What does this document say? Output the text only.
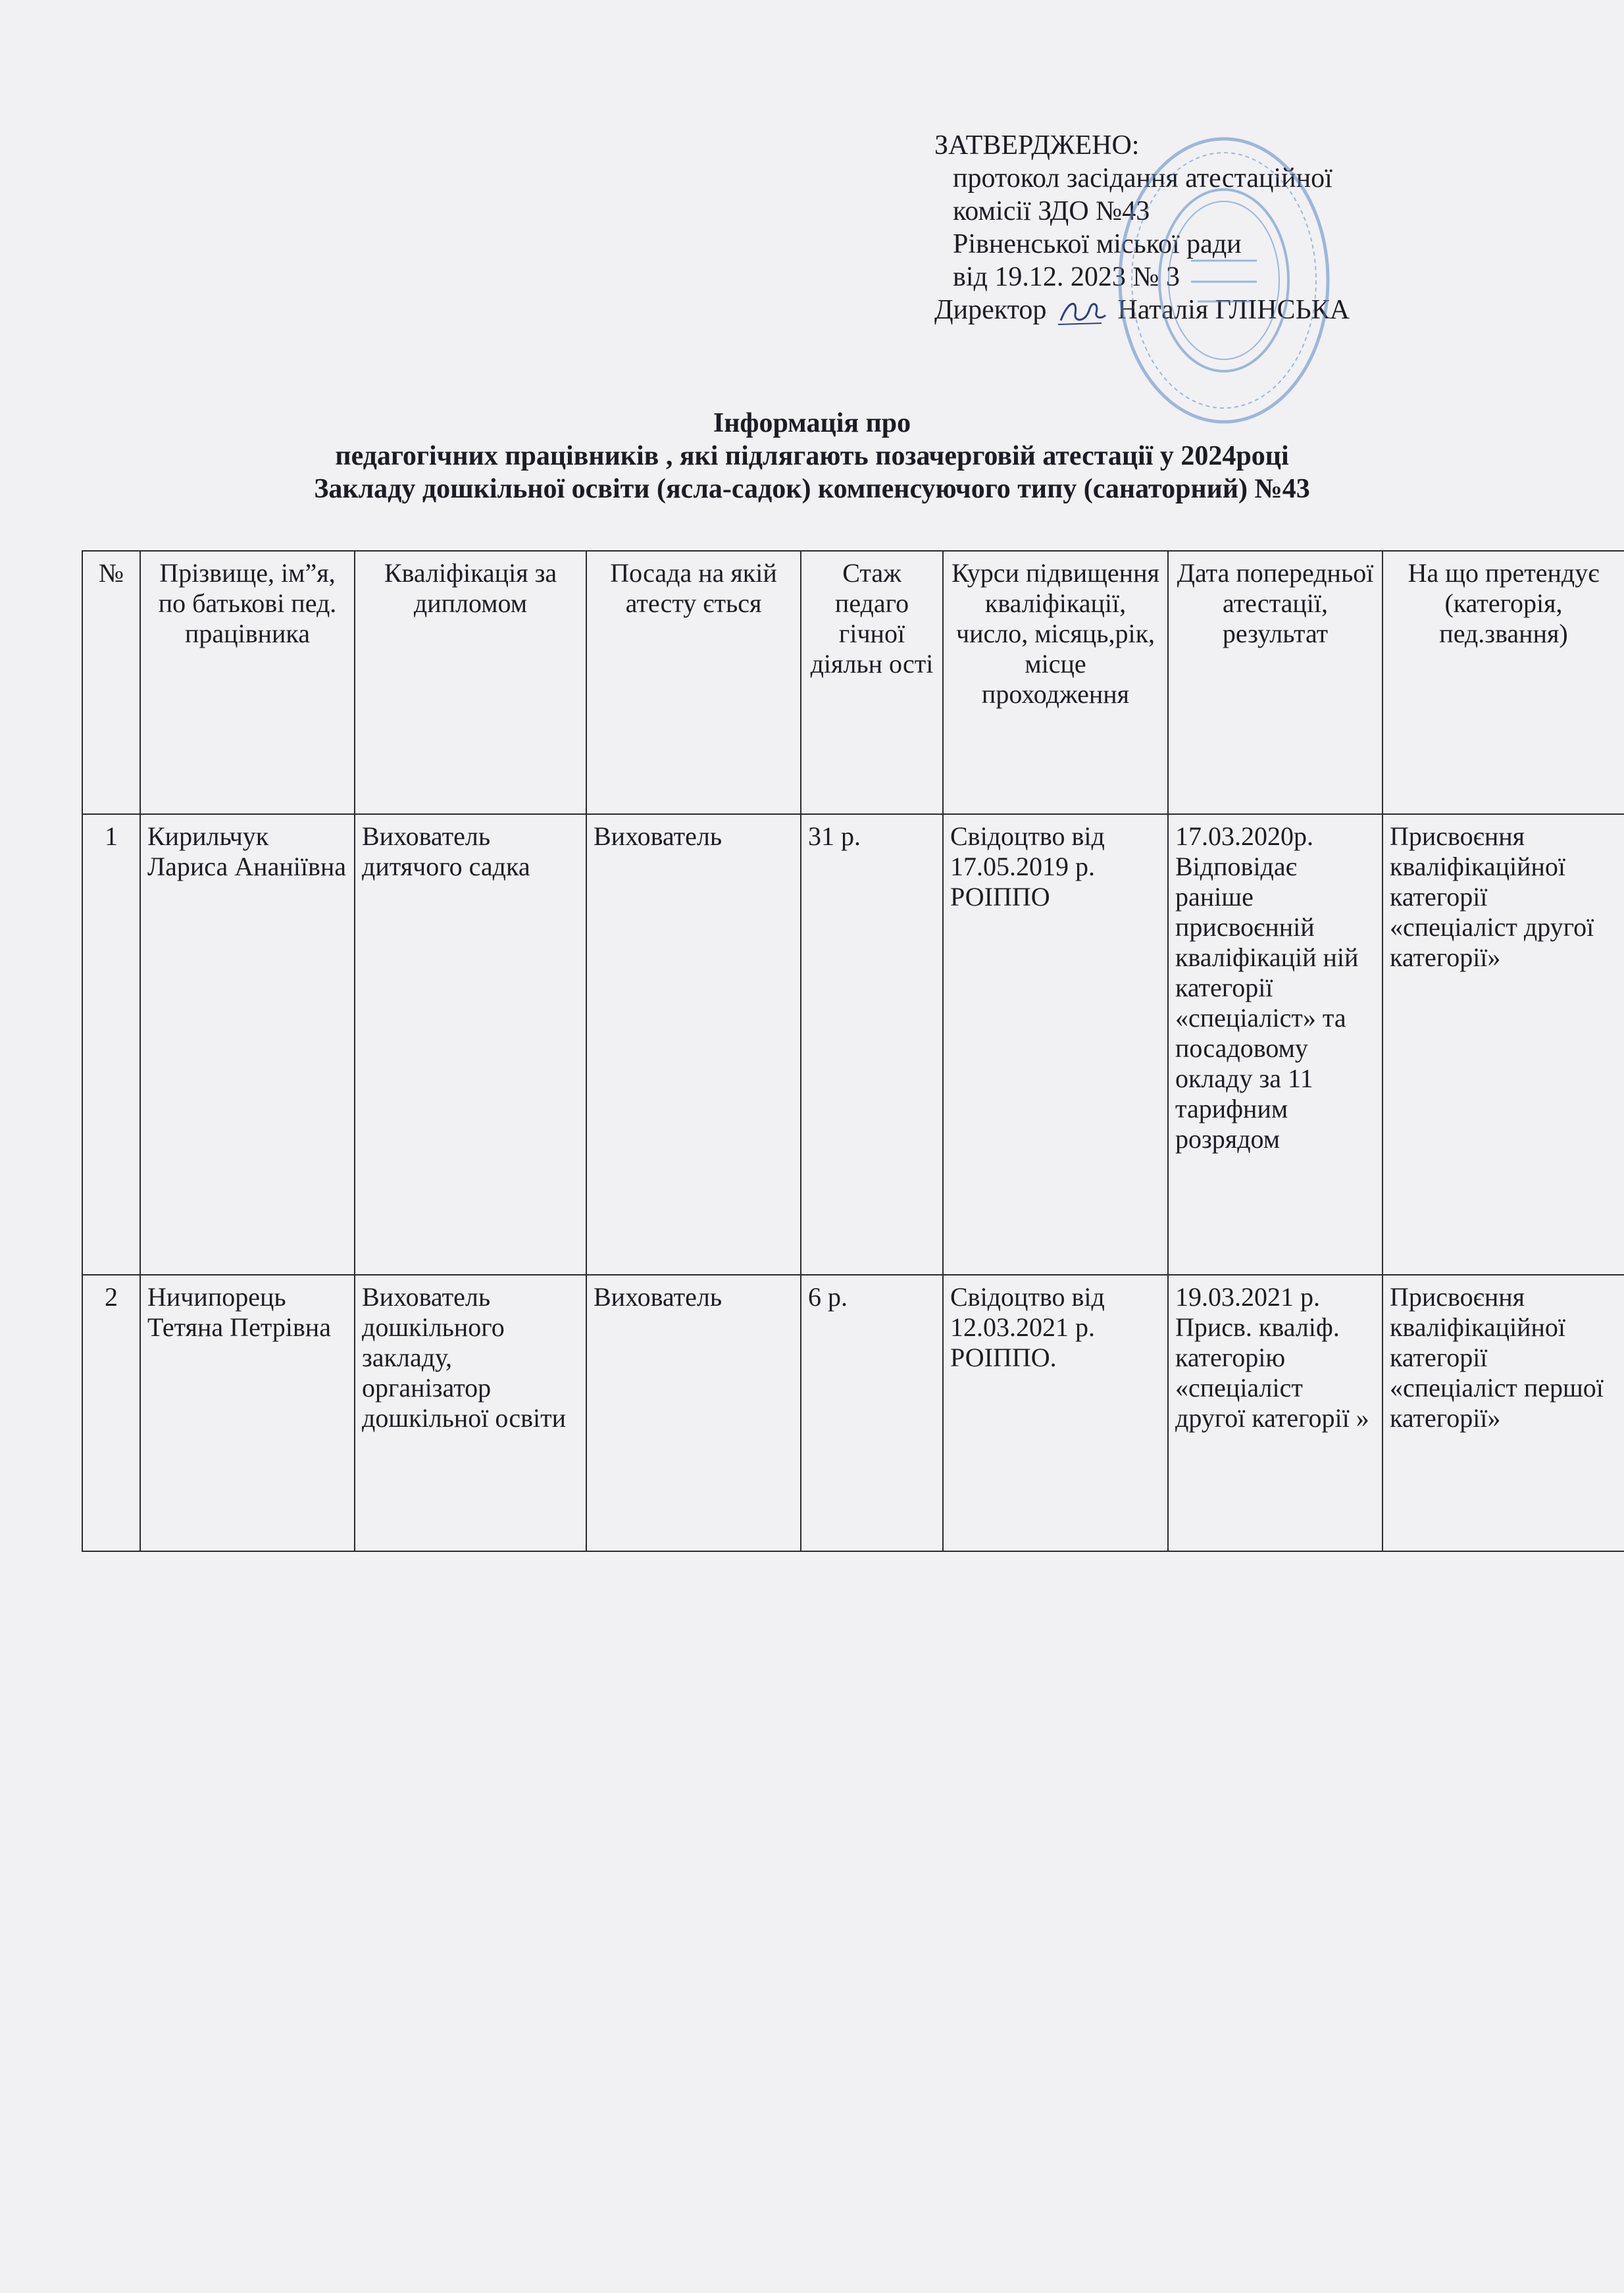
ЗАТВЕРДЖЕНО:
протокол засідання атестаційної
комісії ЗДО №43
Рівненської міської ради
від 19.12. 2023 № 3
Директор	Наталія ГЛІНСЬКА
Інформація про
педагогічних працівників , які підлягають позачерговій атестації у 2024році
Закладу дошкільної освіти (ясла-садок) компенсуючого типу (санаторний) №43
№	Прізвище, ім”я, по батькові пед. працівника	Кваліфікація за дипломом	Посада на якій атесту ється	Стаж педаго гічної діяльн ості	Курси підвищення кваліфікації, число, місяць,рік, місце проходження	Дата попередньої атестації, результат	На що претендує (категорія, пед.звання)
1	Кирильчук Лариса Ананіївна	Вихователь дитячого садка	Вихователь	31 р.	Свідоцтво від 17.05.2019 р. РОІППО	17.03.2020р. Відповідає раніше присвоєнній кваліфікацій ній категорії «спеціаліст» та посадовому окладу за 11 тарифним розрядом	Присвоєння кваліфікаційної категорії «спеціаліст другої категорії»
2	Ничипорець Тетяна Петрівна	Вихователь дошкільного закладу, організатор дошкільної освіти	Вихователь	6 р.	Свідоцтво від 12.03.2021 р. РОІППО.	19.03.2021 р. Присв. кваліф. категорію «спеціаліст другої категорії »	Присвоєння кваліфікаційної категорії «спеціаліст першої категорії»
